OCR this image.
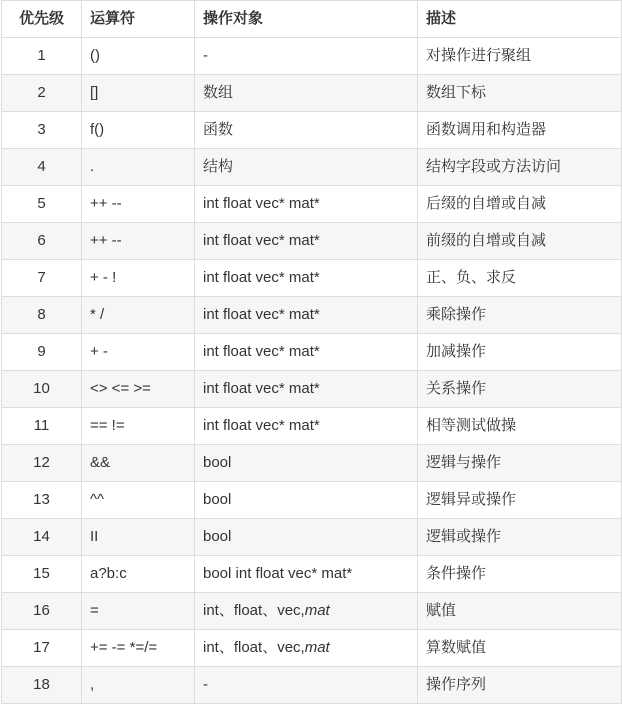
优先级	运算符	操作对象	描述
1	()	-	对操作进行聚组
2	[]	数组	数组下标
3	f()	函数	函数调用和构造器
4	.	结构	结构字段或方法访问
5	++ --	int float vec* mat*	后缀的自增或自减
6	++ --	int float vec* mat*	前缀的自增或自减
7	+ - !	int float vec* mat*	正、负、求反
8	* /	int float vec* mat*	乘除操作
9	+ -	int float vec* mat*	加减操作
10	<> <= >=	int float vec* mat*	关系操作
11	== !=	int float vec* mat*	相等测试做操
12	&&	bool	逻辑与操作
13	^^	bool	逻辑异或操作
14	II	bool	逻辑或操作
15	a?b:c	bool int float vec* mat*	条件操作
16	=	int、float、vec,mat	赋值
17	+= -= *=/=	int、float、vec,mat	算数赋值
18	,	-	操作序列
